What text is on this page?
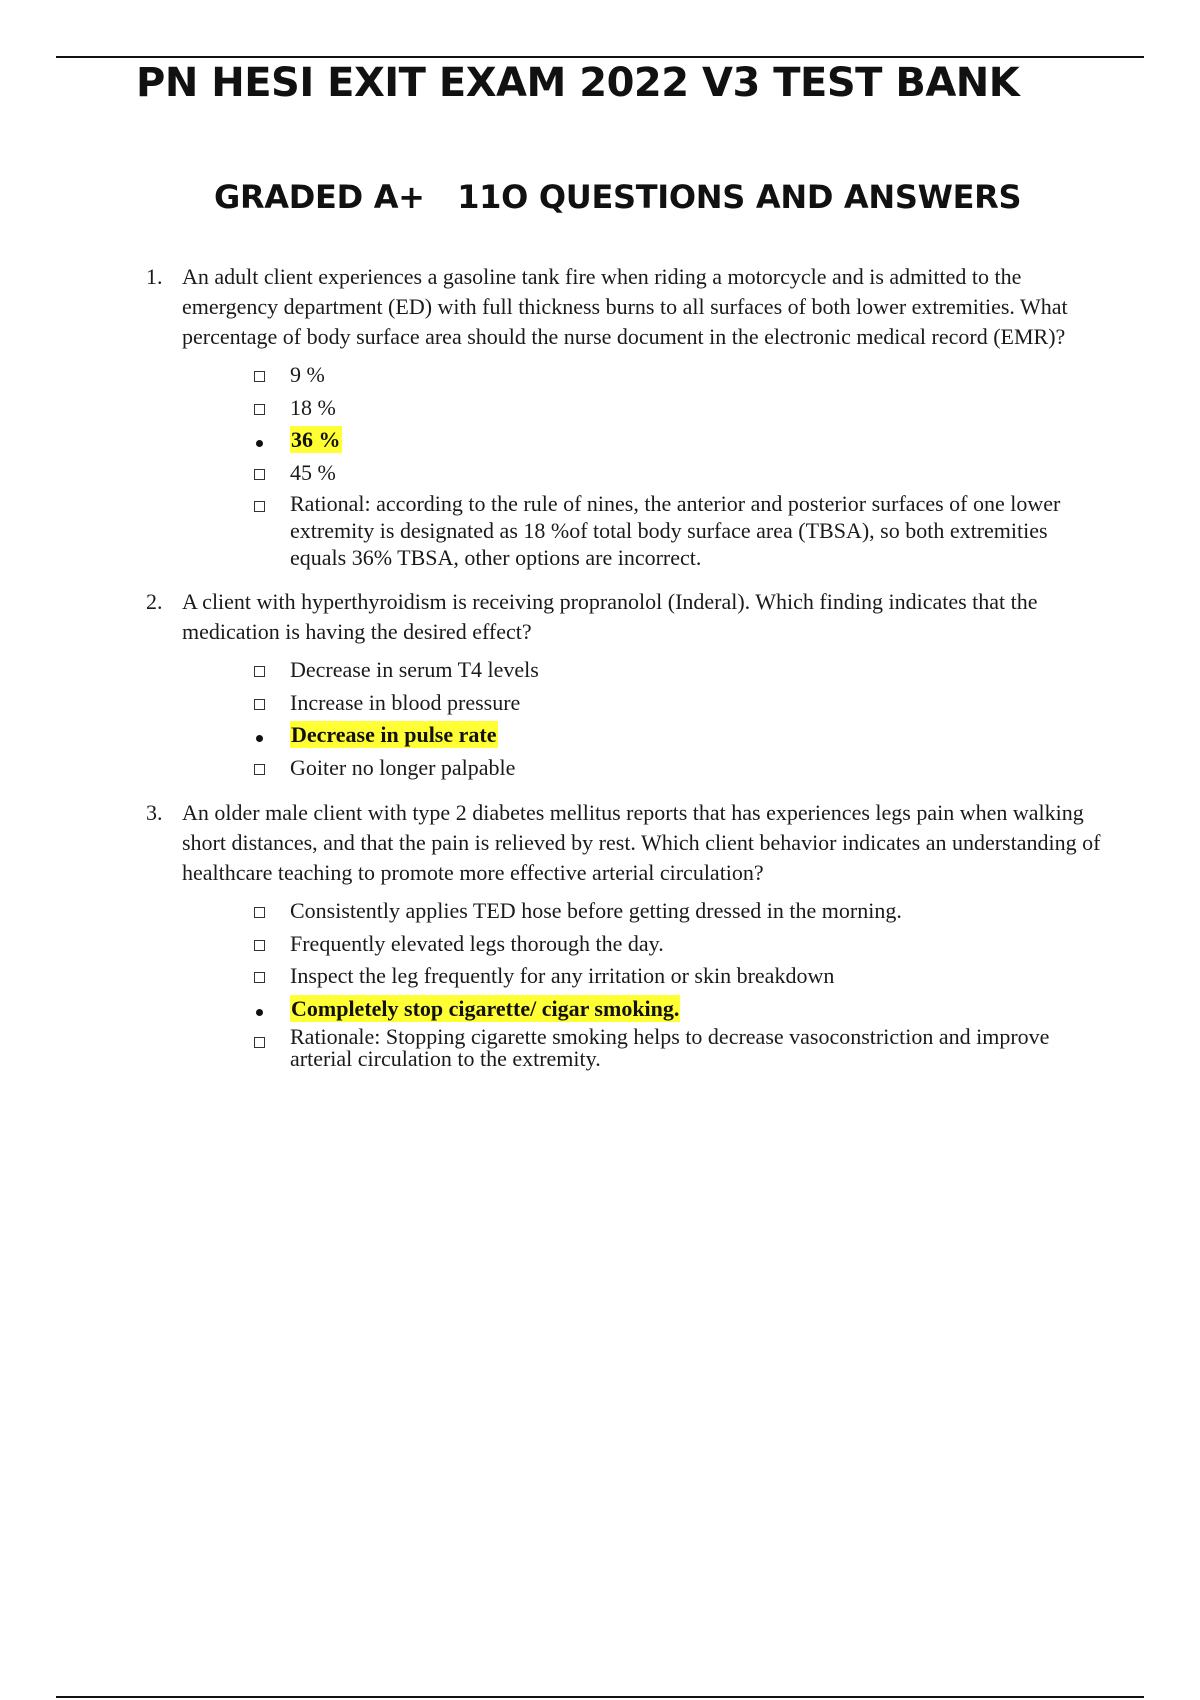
PN HESI EXIT EXAM 2022 V3 TEST BANK
GRADED A+   11O QUESTIONS AND ANSWERS
1. An adult client experiences a gasoline tank fire when riding a motorcycle and is admitted to the emergency department (ED) with full thickness burns to all surfaces of both lower extremities. What percentage of body surface area should the nurse document in the electronic medical record (EMR)?

9 %
18 %
36 %
45 %
Rational: according to the rule of nines, the anterior and posterior surfaces of one lower extremity is designated as 18 %of total body surface area (TBSA), so both extremities equals 36% TBSA, other options are incorrect.
2. A client with hyperthyroidism is receiving propranolol (Inderal). Which finding indicates that the medication is having the desired effect?

Decrease in serum T4 levels
Increase in blood pressure
Decrease in pulse rate
Goiter no longer palpable
3. An older male client with type 2 diabetes mellitus reports that has experiences legs pain when walking short distances, and that the pain is relieved by rest. Which client behavior indicates an understanding of healthcare teaching to promote more effective arterial circulation?

Consistently applies TED hose before getting dressed in the morning.
Frequently elevated legs thorough the day.
Inspect the leg frequently for any irritation or skin breakdown
Completely stop cigarette/ cigar smoking.
Rationale: Stopping cigarette smoking helps to decrease vasoconstriction and improve arterial circulation to the extremity.
